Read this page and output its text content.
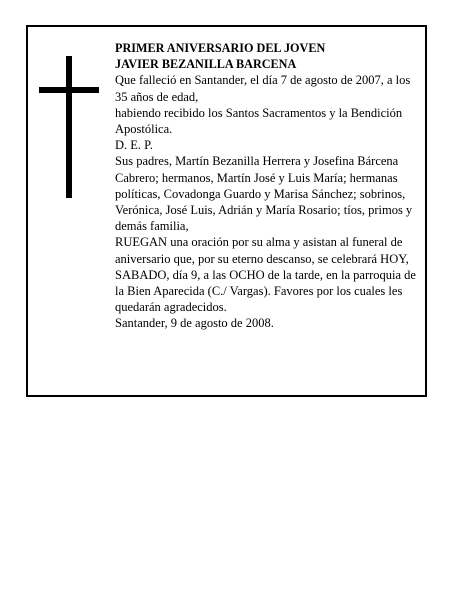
PRIMER ANIVERSARIO DEL JOVEN

JAVIER BEZANILLA BARCENA

Que falleció en Santander, el día 7 de agosto de 2007, a los 35 años de edad,

habiendo recibido los Santos Sacramentos y la Bendición Apostólica.

D. E. P.

Sus padres, Martín Bezanilla Herrera y Josefina Bárcena Cabrero; hermanos, Martín José y Luis María; hermanas políticas, Covadonga Guardo y Marisa Sánchez; sobrinos, Verónica, José Luis, Adrián y María Rosario; tíos, primos y demás familia,

RUEGAN una oración por su alma y asistan al funeral de aniversario que, por su eterno descanso, se celebrará HOY, SABADO, día 9, a las OCHO de la tarde, en la parroquia de la Bien Aparecida (C./ Vargas). Favores por los cuales les quedarán agradecidos.

Santander, 9 de agosto de 2008.
